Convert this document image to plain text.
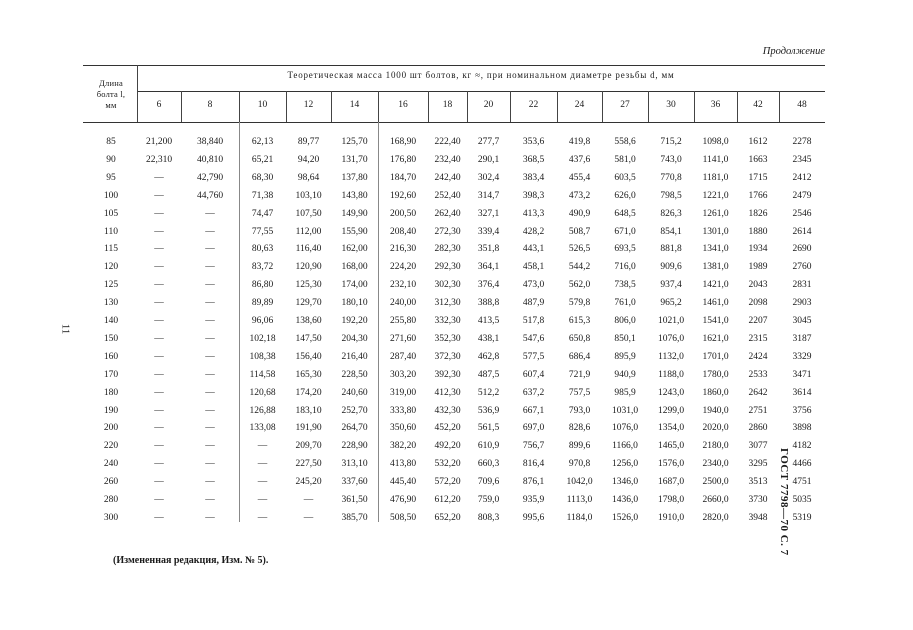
Продолжение
Длина
болта l,
мм
Теоретическая масса 1000 шт болтов, кг ≈, при номинальном диаметре резьбы d, мм
6	8	10	12	14	16	18	20	22	24	27	30	36	42	48
85	21,200	38,840	62,13	89,77	125,70	168,90	222,40	277,7	353,6	419,8	558,6	715,2	1098,0	1612	2278
90	22,310	40,810	65,21	94,20	131,70	176,80	232,40	290,1	368,5	437,6	581,0	743,0	1141,0	1663	2345
95	—	42,790	68,30	98,64	137,80	184,70	242,40	302,4	383,4	455,4	603,5	770,8	1181,0	1715	2412
100	—	44,760	71,38	103,10	143,80	192,60	252,40	314,7	398,3	473,2	626,0	798,5	1221,0	1766	2479
105	—	—	74,47	107,50	149,90	200,50	262,40	327,1	413,3	490,9	648,5	826,3	1261,0	1826	2546
110	—	—	77,55	112,00	155,90	208,40	272,30	339,4	428,2	508,7	671,0	854,1	1301,0	1880	2614
115	—	—	80,63	116,40	162,00	216,30	282,30	351,8	443,1	526,5	693,5	881,8	1341,0	1934	2690
120	—	—	83,72	120,90	168,00	224,20	292,30	364,1	458,1	544,2	716,0	909,6	1381,0	1989	2760
125	—	—	86,80	125,30	174,00	232,10	302,30	376,4	473,0	562,0	738,5	937,4	1421,0	2043	2831
130	—	—	89,89	129,70	180,10	240,00	312,30	388,8	487,9	579,8	761,0	965,2	1461,0	2098	2903
140	—	—	96,06	138,60	192,20	255,80	332,30	413,5	517,8	615,3	806,0	1021,0	1541,0	2207	3045
150	—	—	102,18	147,50	204,30	271,60	352,30	438,1	547,6	650,8	850,1	1076,0	1621,0	2315	3187
160	—	—	108,38	156,40	216,40	287,40	372,30	462,8	577,5	686,4	895,9	1132,0	1701,0	2424	3329
170	—	—	114,58	165,30	228,50	303,20	392,30	487,5	607,4	721,9	940,9	1188,0	1780,0	2533	3471
180	—	—	120,68	174,20	240,60	319,00	412,30	512,2	637,2	757,5	985,9	1243,0	1860,0	2642	3614
190	—	—	126,88	183,10	252,70	333,80	432,30	536,9	667,1	793,0	1031,0	1299,0	1940,0	2751	3756
200	—	—	133,08	191,90	264,70	350,60	452,20	561,5	697,0	828,6	1076,0	1354,0	2020,0	2860	3898
220	—	—	—	209,70	228,90	382,20	492,20	610,9	756,7	899,6	1166,0	1465,0	2180,0	3077	4182
240	—	—	—	227,50	313,10	413,80	532,20	660,3	816,4	970,8	1256,0	1576,0	2340,0	3295	4466
260	—	—	—	245,20	337,60	445,40	572,20	709,6	876,1	1042,0	1346,0	1687,0	2500,0	3513	4751
280	—	—	—	—	361,50	476,90	612,20	759,0	935,9	1113,0	1436,0	1798,0	2660,0	3730	5035
300	—	—	—	—	385,70	508,50	652,20	808,3	995,6	1184,0	1526,0	1910,0	2820,0	3948	5319
11
ГОСТ 7798—70 С. 7
(Измененная редакция, Изм. № 5).
